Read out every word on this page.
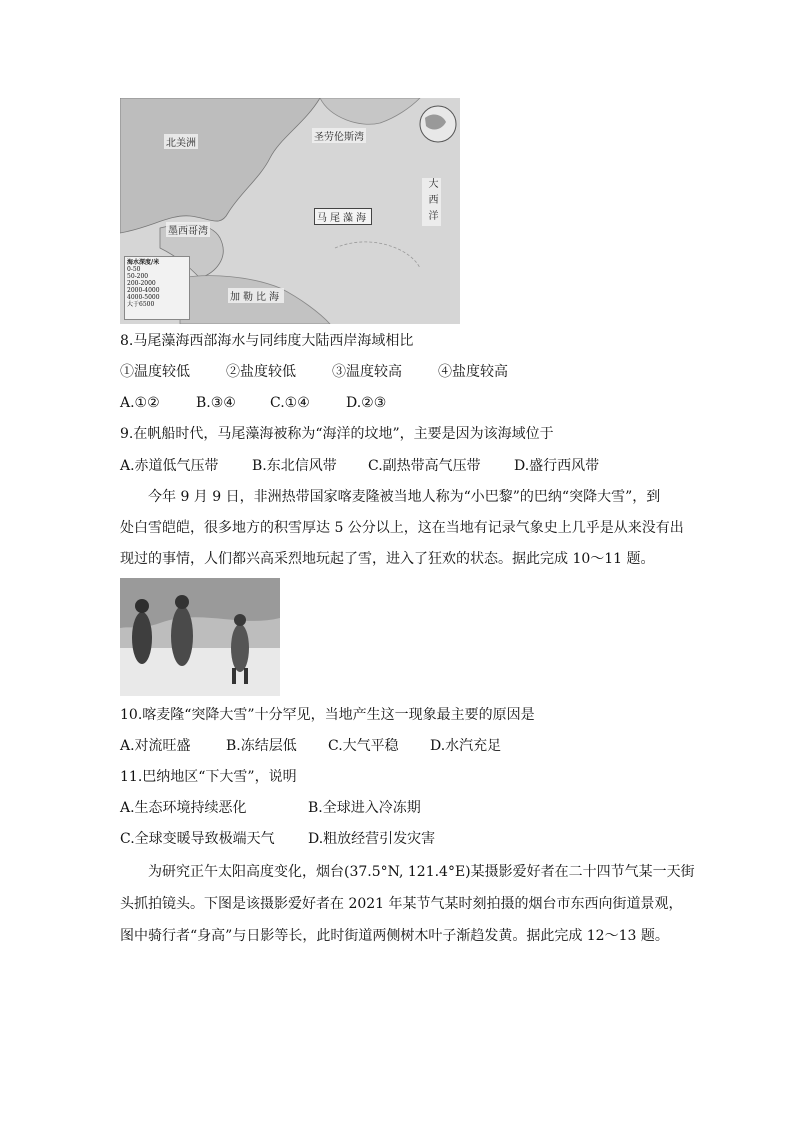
北美洲
圣劳伦斯湾
大西洋
马尾藻海
墨西哥湾
加勒比海
海水深度/米
0-50
50-200
200-2000
2000-4000
4000-5000
大于6500
8.马尾藻海西部海水与同纬度大陆西岸海域相比
①温度较低	②盐度较低	③温度较高	④盐度较高
A.①②	B.③④ C.①④	D.②③
9.在帆船时代，马尾藻海被称为“海洋的坟地”，主要是因为该海域位于
A.赤道低气压带 B.东北信风带 C.副热带高气压带 D.盛行西风带
今年 9 月 9 日，非洲热带国家喀麦隆被当地人称为“小巴黎”的巴纳“突降大雪”，到
处白雪皑皑，很多地方的积雪厚达 5 公分以上，这在当地有记录气象史上几乎是从来没有出
现过的事情，人们都兴高采烈地玩起了雪，进入了狂欢的状态。据此完成 10～11 题。
10.喀麦隆“突降大雪”十分罕见，当地产生这一现象最主要的原因是
A.对流旺盛	B.冻结层低 C.大气平稳 D.水汽充足
11.巴纳地区“下大雪”，说明
A.生态环境持续恶化	B.全球进入冷冻期
C.全球变暖导致极端天气 D.粗放经营引发灾害
为研究正午太阳高度变化，烟台(37.5°N, 121.4°E)某摄影爱好者在二十四节气某一天街
头抓拍镜头。下图是该摄影爱好者在 2021 年某节气某时刻拍摄的烟台市东西向街道景观，
图中骑行者“身高”与日影等长，此时街道两侧树木叶子渐趋发黄。据此完成 12～13 题。
